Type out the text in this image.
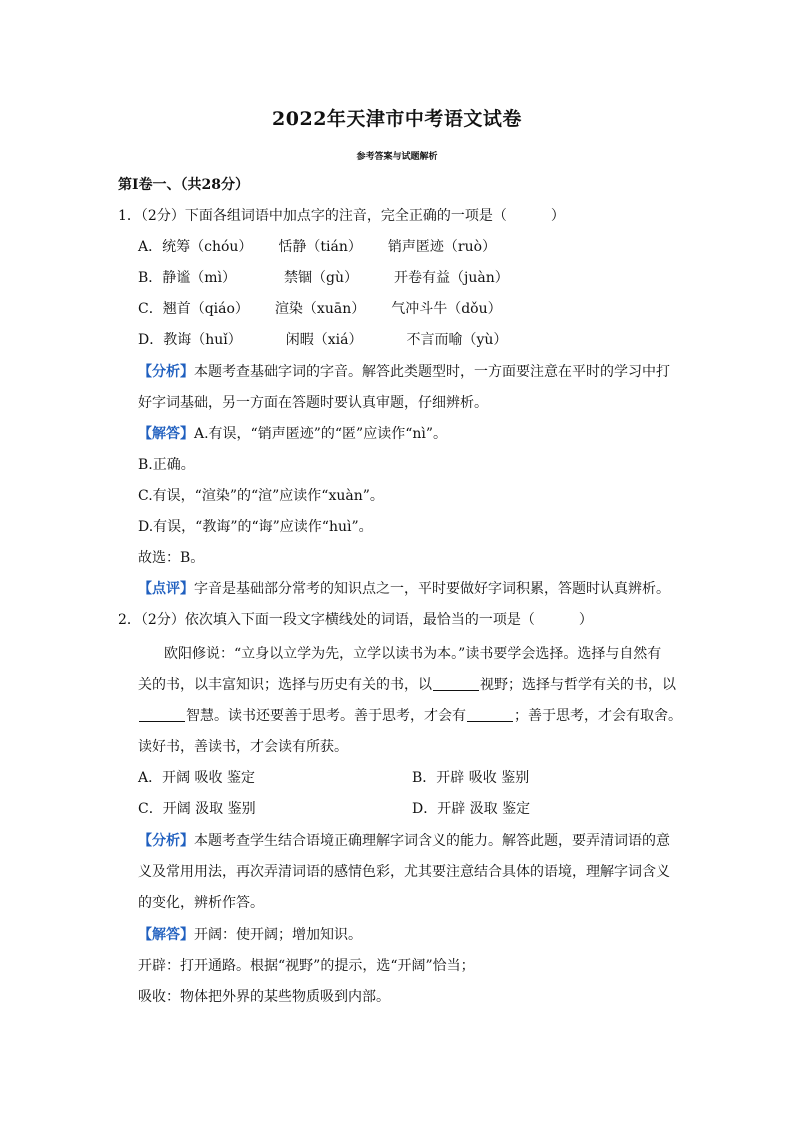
2022年天津市中考语文试卷
参考答案与试题解析
第Ⅰ卷一、（共28分）
1．（2分）下面各组词语中加点字的注音，完全正确的一项是（	）
A．统筹（chóu） 恬静（tián） 销声匿迹（ruò）
B．静谧（mì）	禁锢（gù）	开卷有益（juàn）
C．翘首（qiáo） 渲染（xuān） 气冲斗牛（dǒu）
D．教诲（huǐ）	闲暇（xiá）	不言而喻（yù）
【分析】本题考查基础字词的字音。解答此类题型时，一方面要注意在平时的学习中打
好字词基础，另一方面在答题时要认真审题，仔细辨析。
【解答】A.有误，“销声匿迹”的“匿”应读作“nì”。
B.正确。
C.有误，“渲染”的“渲”应读作“xuàn”。
D.有误，“教诲”的“诲”应读作“huì”。
故选：B。
【点评】字音是基础部分常考的知识点之一，平时要做好字词积累，答题时认真辨析。
2．（2分）依次填入下面一段文字横线处的词语，最恰当的一项是（	）
欧阳修说：“立身以立学为先，立学以读书为本。”读书要学会选择。选择与自然有
关的书，以丰富知识；选择与历史有关的书，以	视野；选择与哲学有关的书，以
智慧。读书还要善于思考。善于思考，才会有	；善于思考，才会有取舍。
读好书，善读书，才会读有所获。
A．开阔 吸收 鉴定	B．开辟 吸收 鉴别
C．开阔 汲取 鉴别	D．开辟 汲取 鉴定
【分析】本题考查学生结合语境正确理解字词含义的能力。解答此题，要弄清词语的意
义及常用用法，再次弄清词语的感情色彩，尤其要注意结合具体的语境，理解字词含义
的变化，辨析作答。
【解答】开阔：使开阔；增加知识。
开辟：打开通路。根据“视野”的提示，选“开阔”恰当；
吸收：物体把外界的某些物质吸到内部。
